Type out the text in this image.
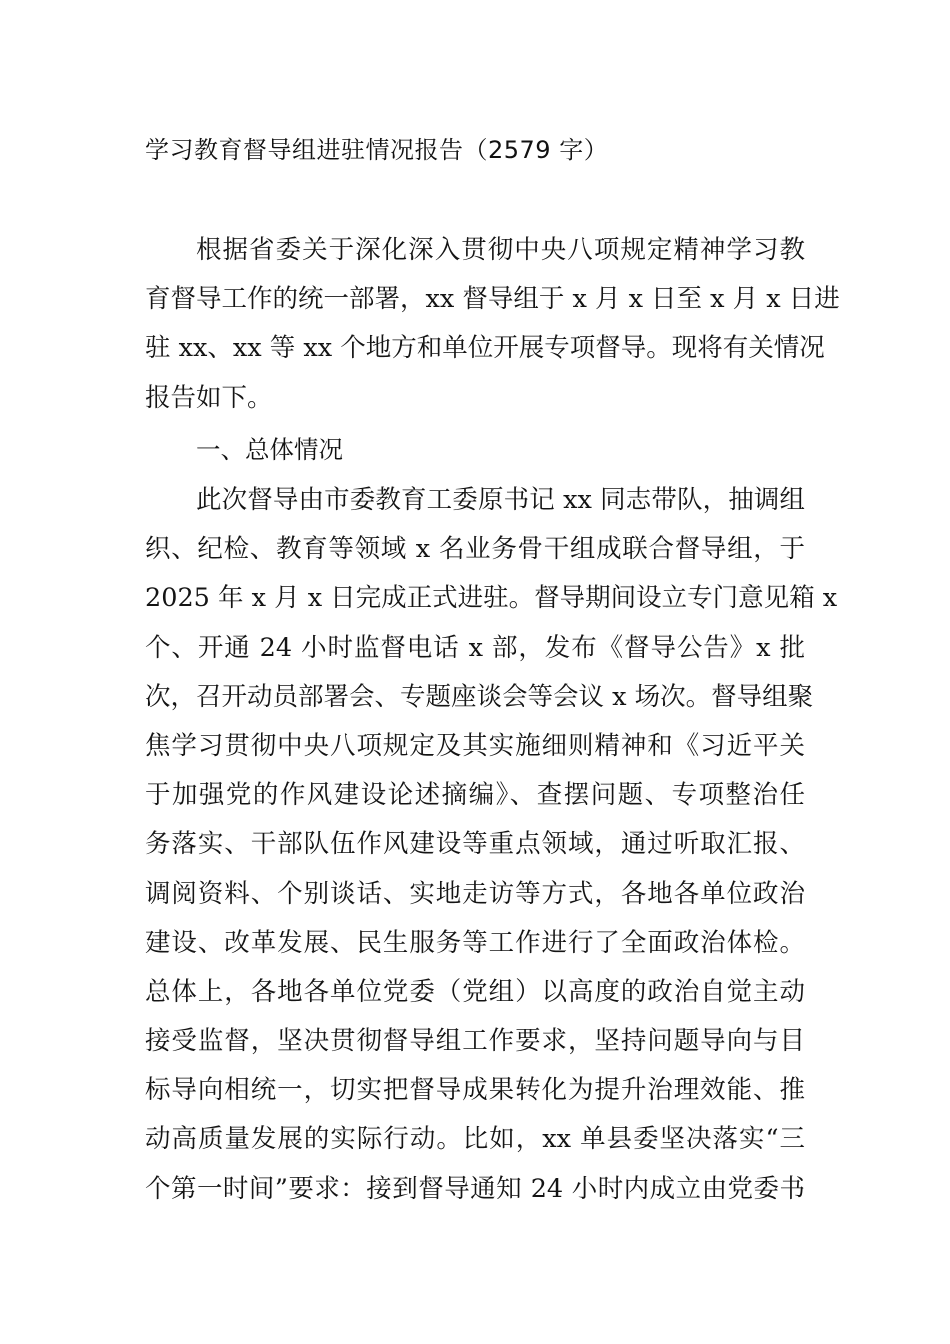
学习教育督导组进驻情况报告（2579 字）
根据省委关于深化深入贯彻中央八项规定精神学习教
育督导工作的统一部署，xx 督导组于 x 月 x 日至 x 月 x 日进
驻 xx、xx 等 xx 个地方和单位开展专项督导。现将有关情况
报告如下。
一、总体情况
此次督导由市委教育工委原书记 xx 同志带队，抽调组
织、纪检、教育等领域 x 名业务骨干组成联合督导组，于
2025 年 x 月 x 日完成正式进驻。督导期间设立专门意见箱 x
个、开通 24 小时监督电话 x 部，发布《督导公告》x 批
次，召开动员部署会、专题座谈会等会议 x 场次。督导组聚
焦学习贯彻中央八项规定及其实施细则精神和《习近平关
于加强党的作风建设论述摘编》、查摆问题、专项整治任
务落实、干部队伍作风建设等重点领域，通过听取汇报、
调阅资料、个别谈话、实地走访等方式，各地各单位政治
建设、改革发展、民生服务等工作进行了全面政治体检。
总体上，各地各单位党委（党组）以高度的政治自觉主动
接受监督，坚决贯彻督导组工作要求，坚持问题导向与目
标导向相统一，切实把督导成果转化为提升治理效能、推
动高质量发展的实际行动。比如，xx 单县委坚决落实“三
个第一时间”要求：接到督导通知 24 小时内成立由党委书
